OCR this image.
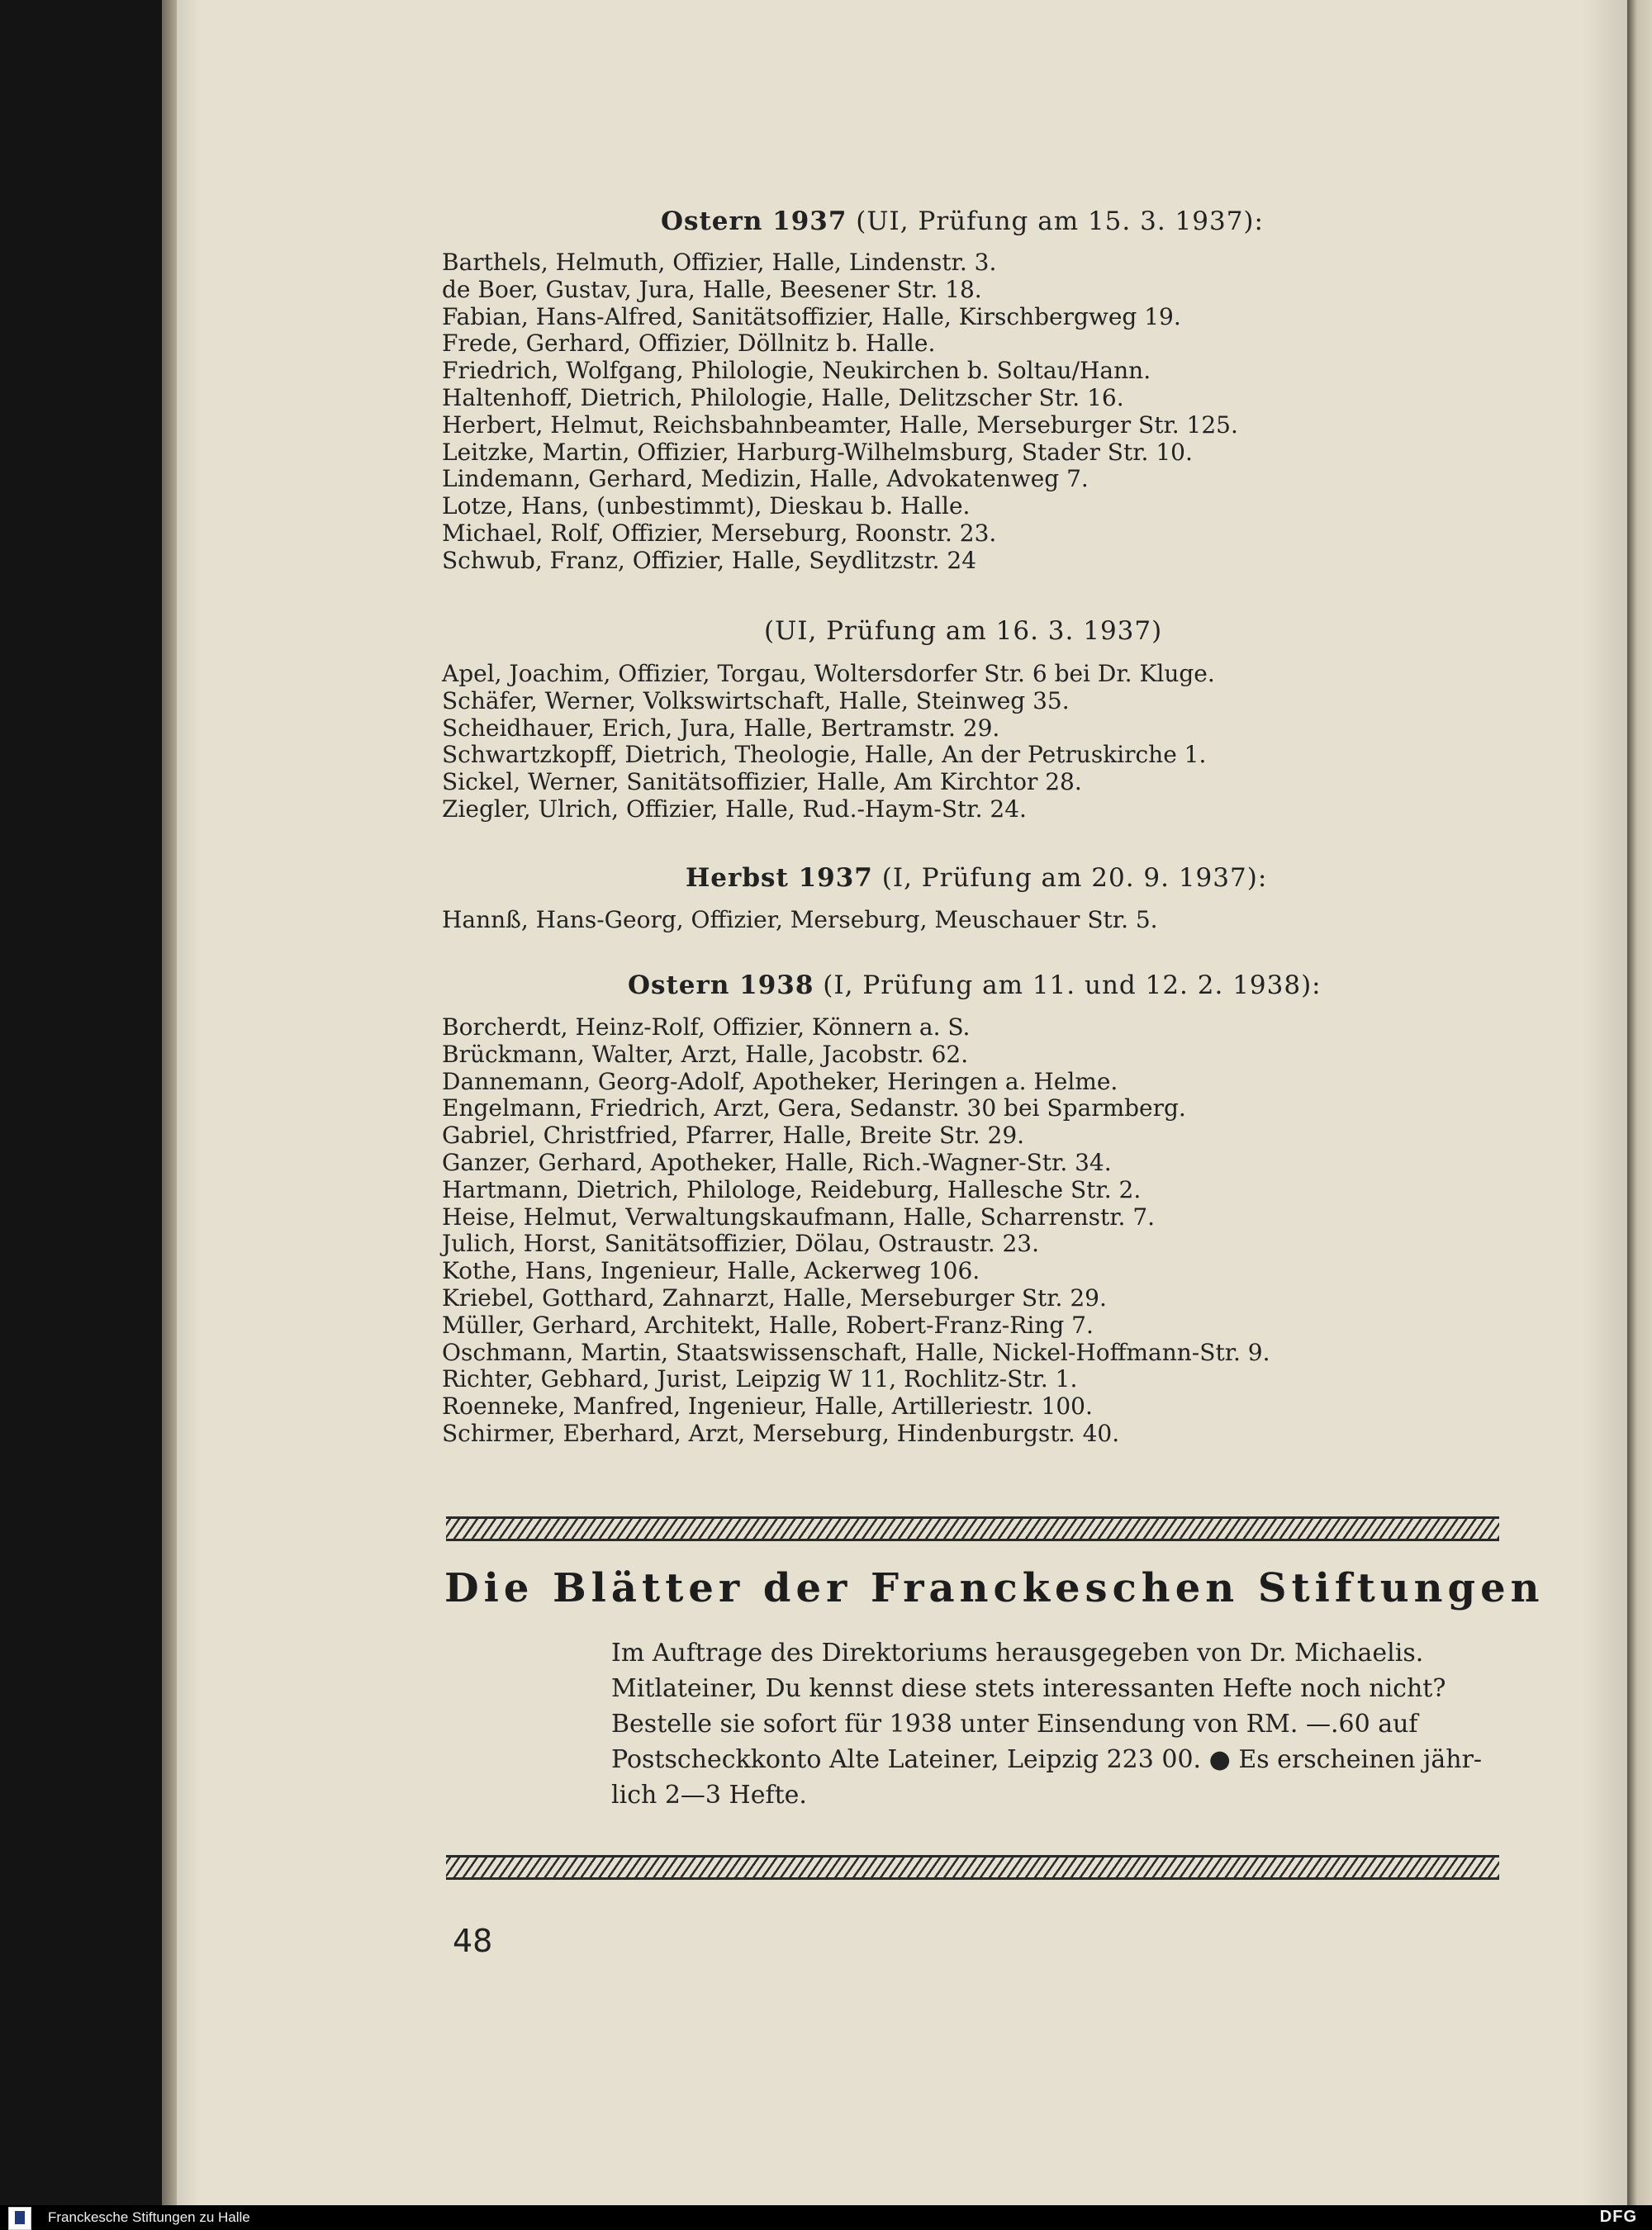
Ostern 1937 (UI, Prüfung am 15. 3. 1937):
Barthels, Helmuth, Offizier, Halle, Lindenstr. 3.
de Boer, Gustav, Jura, Halle, Beesener Str. 18.
Fabian, Hans-Alfred, Sanitätsoffizier, Halle, Kirschbergweg 19.
Frede, Gerhard, Offizier, Döllnitz b. Halle.
Friedrich, Wolfgang, Philologie, Neukirchen b. Soltau/Hann.
Haltenhoff, Dietrich, Philologie, Halle, Delitzscher Str. 16.
Herbert, Helmut, Reichsbahnbeamter, Halle, Merseburger Str. 125.
Leitzke, Martin, Offizier, Harburg-Wilhelmsburg, Stader Str. 10.
Lindemann, Gerhard, Medizin, Halle, Advokatenweg 7.
Lotze, Hans, (unbestimmt), Dieskau b. Halle.
Michael, Rolf, Offizier, Merseburg, Roonstr. 23.
Schwub, Franz, Offizier, Halle, Seydlitzstr. 24
(UI, Prüfung am 16. 3. 1937)
Apel, Joachim, Offizier, Torgau, Woltersdorfer Str. 6 bei Dr. Kluge.
Schäfer, Werner, Volkswirtschaft, Halle, Steinweg 35.
Scheidhauer, Erich, Jura, Halle, Bertramstr. 29.
Schwartzkopff, Dietrich, Theologie, Halle, An der Petruskirche 1.
Sickel, Werner, Sanitätsoffizier, Halle, Am Kirchtor 28.
Ziegler, Ulrich, Offizier, Halle, Rud.-Haym-Str. 24.
Herbst 1937 (I, Prüfung am 20. 9. 1937):
Hannß, Hans-Georg, Offizier, Merseburg, Meuschauer Str. 5.
Ostern 1938 (I, Prüfung am 11. und 12. 2. 1938):
Borcherdt, Heinz-Rolf, Offizier, Könnern a. S.
Brückmann, Walter, Arzt, Halle, Jacobstr. 62.
Dannemann, Georg-Adolf, Apotheker, Heringen a. Helme.
Engelmann, Friedrich, Arzt, Gera, Sedanstr. 30 bei Sparmberg.
Gabriel, Christfried, Pfarrer, Halle, Breite Str. 29.
Ganzer, Gerhard, Apotheker, Halle, Rich.-Wagner-Str. 34.
Hartmann, Dietrich, Philologe, Reideburg, Hallesche Str. 2.
Heise, Helmut, Verwaltungskaufmann, Halle, Scharrenstr. 7.
Julich, Horst, Sanitätsoffizier, Dölau, Ostraustr. 23.
Kothe, Hans, Ingenieur, Halle, Ackerweg 106.
Kriebel, Gotthard, Zahnarzt, Halle, Merseburger Str. 29.
Müller, Gerhard, Architekt, Halle, Robert-Franz-Ring 7.
Oschmann, Martin, Staatswissenschaft, Halle, Nickel-Hoffmann-Str. 9.
Richter, Gebhard, Jurist, Leipzig W 11, Rochlitz-Str. 1.
Roenneke, Manfred, Ingenieur, Halle, Artilleriestr. 100.
Schirmer, Eberhard, Arzt, Merseburg, Hindenburgstr. 40.
Die Blätter der Franckeschen Stiftungen
Im Auftrage des Direktoriums herausgegeben von Dr. Michaelis.
Mitlateiner, Du kennst diese stets interessanten Hefte noch nicht?
Bestelle sie sofort für 1938 unter Einsendung von RM. —.60 auf
Postscheckkonto Alte Lateiner, Leipzig 223 00. ● Es erscheinen jähr-
lich 2—3 Hefte.
48
Franckesche Stiftungen zu Halle	DFG
